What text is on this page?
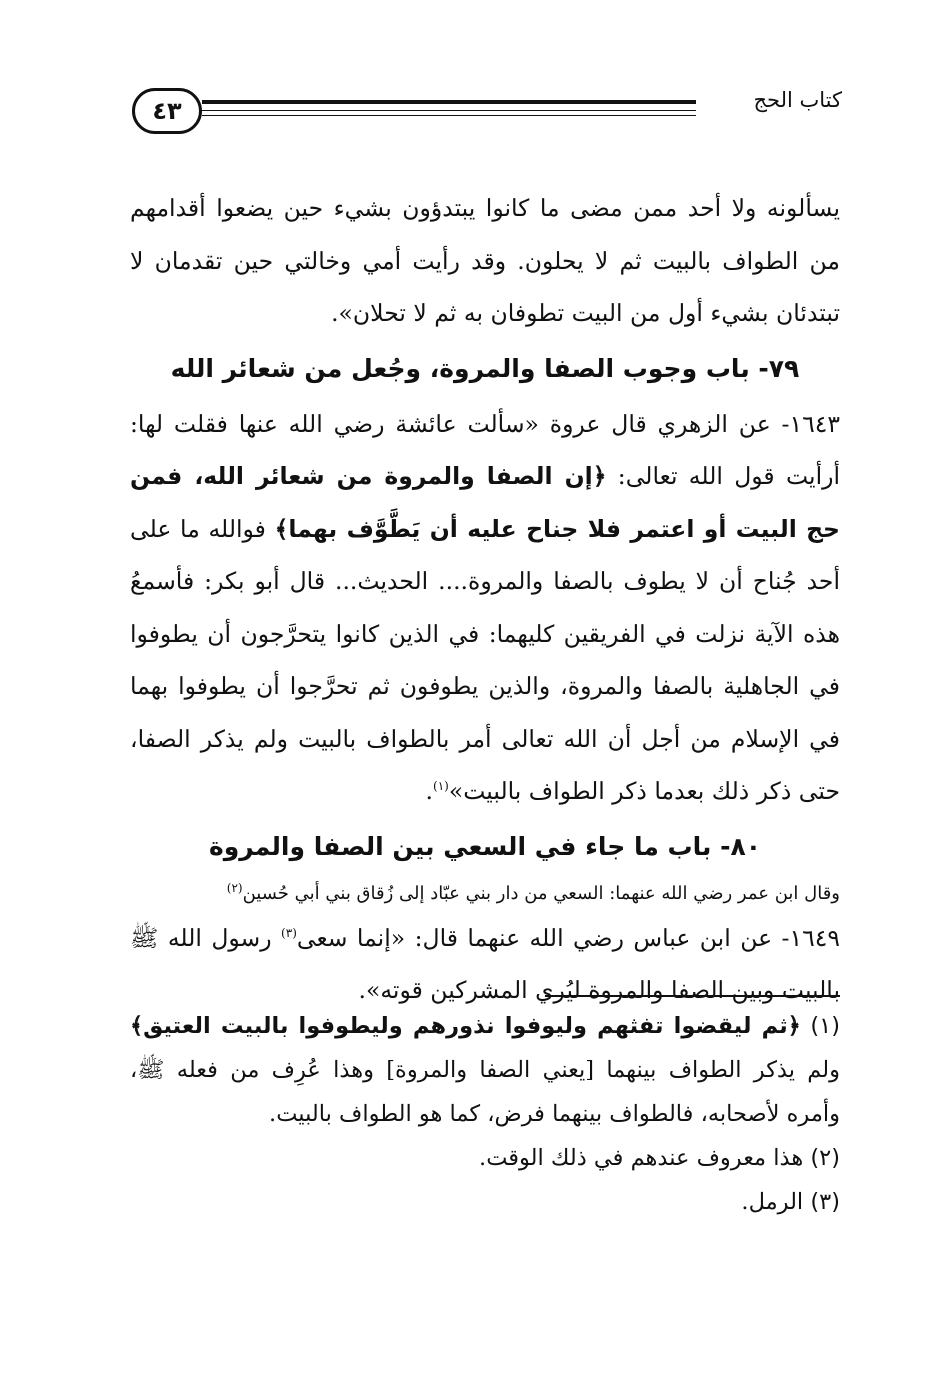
٤٣	كتاب الحج

يسألونه ولا أحد ممن مضى ما كانوا يبتدؤون بشيء حين يضعوا أقدامهم من الطواف بالبيت ثم لا يحلون. وقد رأيت أمي وخالتي حين تقدمان لا تبتدئان بشيء أول من البيت تطوفان به ثم لا تحلان».

٧٩- باب وجوب الصفا والمروة، وجُعل من شعائر الله

١٦٤٣- عن الزهري قال عروة «سألت عائشة رضي الله عنها فقلت لها: أرأيت قول الله تعالى: ﴿إن الصفا والمروة من شعائر الله، فمن حج البيت أو اعتمر فلا جناح عليه أن يَطَّوَّف بهما﴾ فوالله ما على أحد جُناح أن لا يطوف بالصفا والمروة.... الحديث... قال أبو بكر: فأسمعُ هذه الآية نزلت في الفريقين كليهما: في الذين كانوا يتحرَّجون أن يطوفوا في الجاهلية بالصفا والمروة، والذين يطوفون ثم تحرَّجوا أن يطوفوا بهما في الإسلام من أجل أن الله تعالى أمر بالطواف بالبيت ولم يذكر الصفا، حتى ذكر ذلك بعدما ذكر الطواف بالبيت»$^{(١)}$.

٨٠- باب ما جاء في السعي بين الصفا والمروة

وقال ابن عمر رضي الله عنهما: السعي من دار بني عبّاد إلى زُقاق بني أبي حُسين$^{(٢)}$

١٦٤٩- عن ابن عباس رضي الله عنهما قال: «إنما سعى$^{(٣)}$ رسول الله ﷺ بالبيت وبين الصفا والمروة ليُري المشركين قوته».

(١) ﴿ثم ليقضوا تفثهم وليوفوا نذورهم وليطوفوا بالبيت العتيق﴾ ولم يذكر الطواف بينهما [يعني الصفا والمروة] وهذا عُرِف من فعله ﷺ، وأمره لأصحابه، فالطواف بينهما فرض، كما هو الطواف بالبيت.

(٢) هذا معروف عندهم في ذلك الوقت.

(٣) الرمل.
